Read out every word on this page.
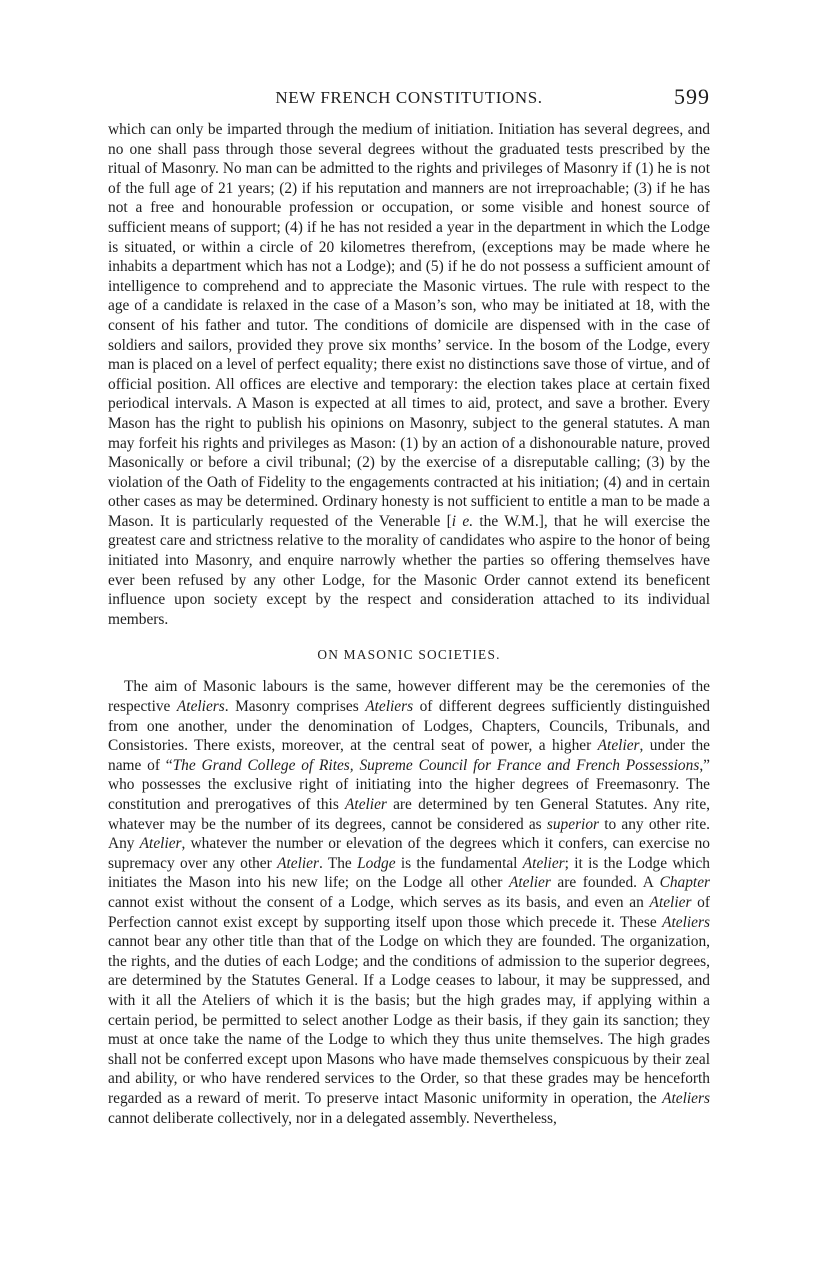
NEW FRENCH CONSTITUTIONS.	599

which can only be imparted through the medium of initiation. Initiation has several degrees, and no one shall pass through those several degrees without the graduated tests prescribed by the ritual of Masonry. No man can be admitted to the rights and privileges of Masonry if (1) he is not of the full age of 21 years; (2) if his reputation and manners are not irreproachable; (3) if he has not a free and honourable profession or occupation, or some visible and honest source of sufficient means of support; (4) if he has not resided a year in the department in which the Lodge is situated, or within a circle of 20 kilometres therefrom, (exceptions may be made where he inhabits a department which has not a Lodge); and (5) if he do not possess a sufficient amount of intelligence to comprehend and to appreciate the Masonic virtues. The rule with respect to the age of a candidate is relaxed in the case of a Mason’s son, who may be initiated at 18, with the consent of his father and tutor. The conditions of domicile are dispensed with in the case of soldiers and sailors, provided they prove six months’ service. In the bosom of the Lodge, every man is placed on a level of perfect equality; there exist no distinctions save those of virtue, and of official position. All offices are elective and temporary: the election takes place at certain fixed periodical intervals. A Mason is expected at all times to aid, protect, and save a brother. Every Mason has the right to publish his opinions on Masonry, subject to the general statutes. A man may forfeit his rights and privileges as Mason: (1) by an action of a dishonourable nature, proved Masonically or before a civil tribunal; (2) by the exercise of a disreputable calling; (3) by the violation of the Oath of Fidelity to the engagements contracted at his initiation; (4) and in certain other cases as may be determined. Ordinary honesty is not sufficient to entitle a man to be made a Mason. It is particularly requested of the Venerable [i e. the W.M.], that he will exercise the greatest care and strictness relative to the morality of candidates who aspire to the honor of being initiated into Masonry, and enquire narrowly whether the parties so offering themselves have ever been refused by any other Lodge, for the Masonic Order cannot extend its beneficent influence upon society except by the respect and consideration attached to its individual members.

ON MASONIC SOCIETIES.

The aim of Masonic labours is the same, however different may be the ceremonies of the respective Ateliers. Masonry comprises Ateliers of different degrees sufficiently distinguished from one another, under the denomination of Lodges, Chapters, Councils, Tribunals, and Consistories. There exists, moreover, at the central seat of power, a higher Atelier, under the name of “The Grand College of Rites, Supreme Council for France and French Possessions,” who possesses the exclusive right of initiating into the higher degrees of Freemasonry. The constitution and prerogatives of this Atelier are determined by ten General Statutes. Any rite, whatever may be the number of its degrees, cannot be considered as superior to any other rite. Any Atelier, whatever the number or elevation of the degrees which it confers, can exercise no supremacy over any other Atelier. The Lodge is the fundamental Atelier; it is the Lodge which initiates the Mason into his new life; on the Lodge all other Atelier are founded. A Chapter cannot exist without the consent of a Lodge, which serves as its basis, and even an Atelier of Perfection cannot exist except by supporting itself upon those which precede it. These Ateliers cannot bear any other title than that of the Lodge on which they are founded. The organization, the rights, and the duties of each Lodge; and the conditions of admission to the superior degrees, are determined by the Statutes General. If a Lodge ceases to labour, it may be suppressed, and with it all the Ateliers of which it is the basis; but the high grades may, if applying within a certain period, be permitted to select another Lodge as their basis, if they gain its sanction; they must at once take the name of the Lodge to which they thus unite themselves. The high grades shall not be conferred except upon Masons who have made themselves conspicuous by their zeal and ability, or who have rendered services to the Order, so that these grades may be henceforth regarded as a reward of merit. To preserve intact Masonic uniformity in operation, the Ateliers cannot deliberate collectively, nor in a delegated assembly. Nevertheless,
